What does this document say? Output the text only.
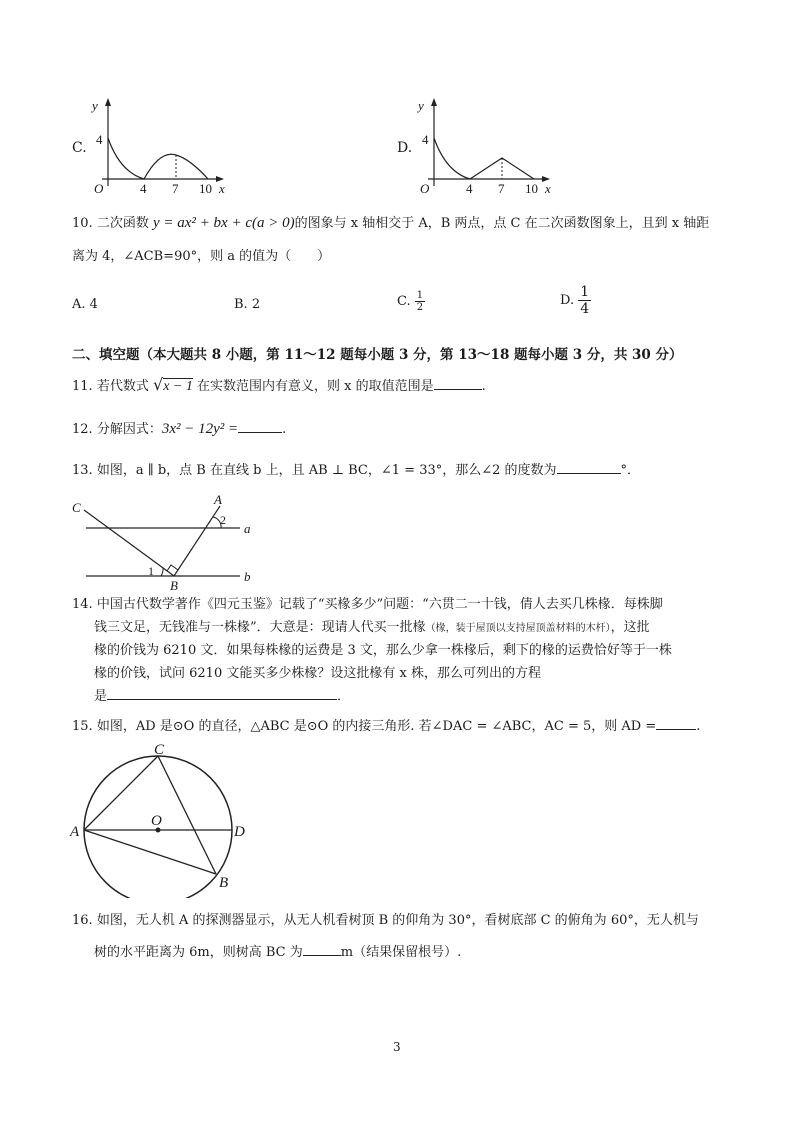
C.
y
4
O	4 7 10 x
D.
y
4
O	4 7 10 x
10. 二次函数 y = ax² + bx + c(a > 0)的图象与 x 轴相交于 A，B 两点，点 C 在二次函数图象上，且到 x 轴距
离为 4，∠ACB=90°，则 a 的值为（　　）
A. 4	B. 2	C. $\frac{1}{2}$	D. $\frac{1}{4}$
二、填空题（本大题共 8 小题，第 11～12 题每小题 3 分，第 13～18 题每小题 3 分，共 30 分）
11. 若代数式 √x − 1 在实数范围内有意义，则 x 的取值范围是	.
12. 分解因式：3x² − 12y² =	.
13. 如图，a ∥ b，点 B 在直线 b 上，且 AB ⊥ BC，∠1 = 33°，那么∠2 的度数为	°．
C
A
2
a
1
B
b
14. 中国古代数学著作《四元玉鉴》记载了“买椽多少”问题：“六贯二一十钱，倩人去买几株椽．每株脚
钱三文足，无钱准与一株椽”．大意是：现请人代买一批椽（椽，装于屋顶以支持屋顶盖材料的木杆），这批
椽的价钱为 6210 文．如果每株椽的运费是 3 文，那么少拿一株椽后，剩下的椽的运费恰好等于一株
椽的价钱，试问 6210 文能买多少株椽？设这批椽有 x 株，那么可列出的方程
是	．
15. 如图，AD 是⊙O 的直径，△ABC 是⊙O 的内接三角形. 若∠DAC = ∠ABC，AC = 5，则 AD =	.
A
C
O
D
B
16. 如图，无人机 A 的探测器显示，从无人机看树顶 B 的仰角为 30°，看树底部 C 的俯角为 60°，无人机与
树的水平距离为 6m，则树高 BC 为	m（结果保留根号）.
3
